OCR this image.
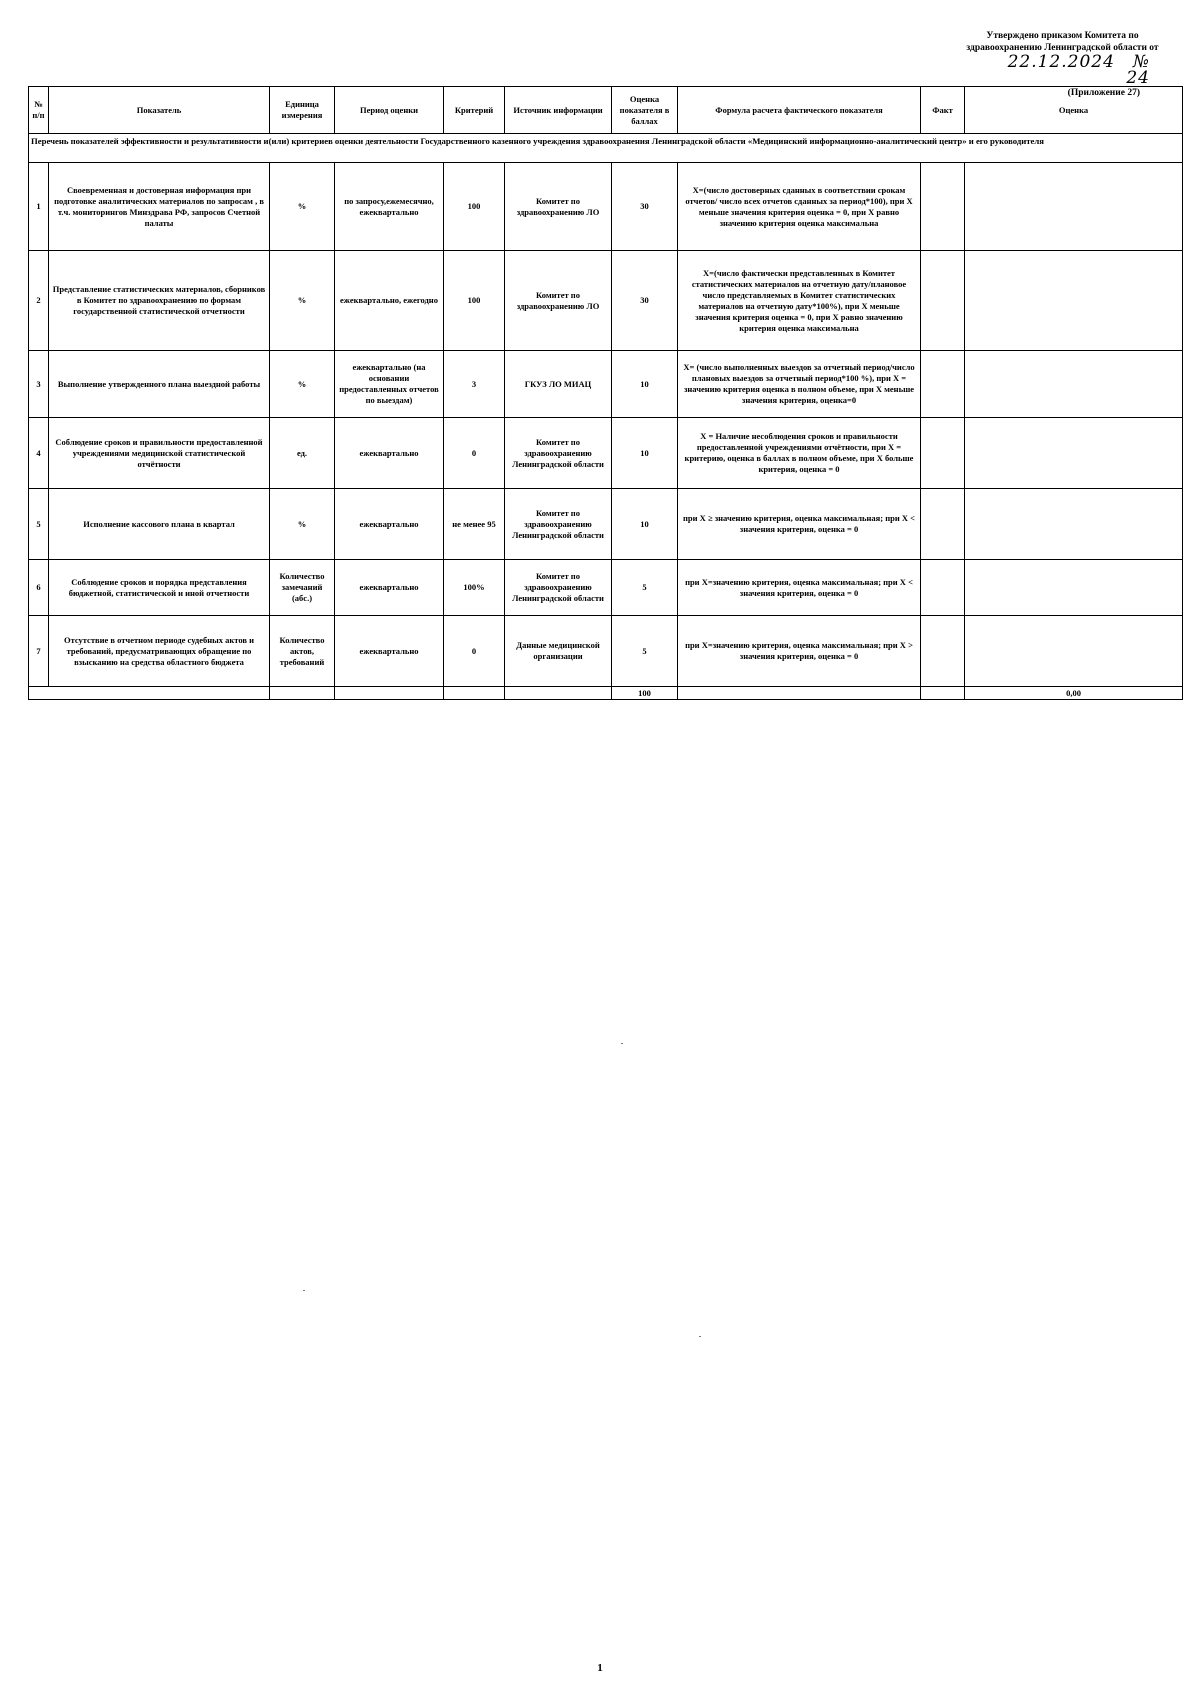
Утверждено приказом Комитета по
здравоохранению Ленинградской области от
22.12.2024 № 24
(Приложение 27)
Перечень показателей эффективности и результативности и(или) критериев оценки деятельности Государственного казенного учреждения здравоохранения Ленинградской области «Медицинский информационно-аналитический центр» и его руководителя									
№ п/п	Показатель	Единица измерения	Период оценки	Критерий	Источник информации	Оценка показателя в баллах	Формула расчета фактического показателя	Факт	Оценка
1	Своевременная и достоверная информация при подготовке аналитических материалов по запросам , в т.ч. мониторингов Минздрава РФ, запросов Счетной палаты	%	по запросу,ежемесячно, ежеквартально	100	Комитет по здравоохранению ЛО	30	Х=(число достоверных сданных в соответствии срокам отчетов/ число всех отчетов сданных за период*100), при Х меньше значения критерия оценка = 0, при Х равно значению критерия оценка максимальна		
2	Представление статистических материалов, сборников в Комитет по здравоохранению по формам государственной статистической отчетности	%	ежеквартально, ежегодно	100	Комитет по здравоохранению ЛО	30	Х=(число фактически представленных в Комитет статистических материалов на отчетную дату/плановое число представляемых в Комитет статистических материалов на отчетную дату*100%), при Х меньше значения критерия оценка = 0, при Х равно значению критерия оценка максимальна		
3	Выполнение утвержденного плана выездной работы	%	ежеквартально (на основании предоставленных отчетов по выездам)	3	ГКУЗ ЛО МИАЦ	10	Х= (число выполненных выездов за отчетный период/число плановых выездов за отчетный период*100 %), при Х = значению критерия оценка в полном объеме, при Х меньше значения критерия, оценка=0		
4	Соблюдение сроков и правильности предоставленной учреждениями медицинской статистической отчётности	ед.	ежеквартально	0	Комитет по здравоохранению Ленинградской области	10	Х = Наличие несоблюдения сроков и правильности предоставленной учреждениями отчётности, при Х = критерию, оценка в баллах в полном объеме, при Х больше критерия, оценка = 0		
5	Исполнение кассового плана в квартал	%	ежеквартально	не менее 95	Комитет по здравоохранению Ленинградской области	10	при Х ≥ значению критерия, оценка максимальная; при Х < значения критерия, оценка = 0		
6	Соблюдение сроков и порядка представления бюджетной, статистической и иной отчетности	Количество замечаний (абс.)	ежеквартально	100%	Комитет по здравоохранению Ленинградской области	5	при Х=значению критерия, оценка максимальная; при Х < значения критерия, оценка = 0		
7	Отсутствие в отчетном периоде судебных актов и требований, предусматривающих обращение по взысканию на средства областного бюджета	Количество актов, требований	ежеквартально	0	Данные медицинской организации	5	при Х=значению критерия, оценка максимальная; при Х > значения критерия, оценка = 0		
						100			0,00
1
